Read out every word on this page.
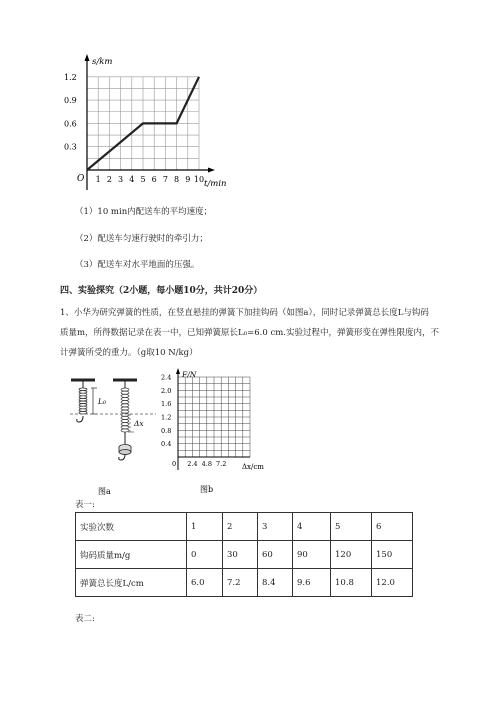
s/km
t/min
O
1.2
0.9
0.6
0.3
1 2 3 4 5 6 7 8 9 10
（1）10 min内配送车的平均速度；
（2）配送车匀速行驶时的牵引力；
（3）配送车对水平地面的压强。
四、实验探究（2小题，每小题10分，共计20分）
1、小华为研究弹簧的性质，在竖直悬挂的弹簧下加挂钩码（如图a），同时记录弹簧总长度L与钩码
质量m，所得数据记录在表一中，已知弹簧原长L₀=6.0 cm.实验过程中，弹簧形变在弹性限度内，不
计弹簧所受的重力。（g取10 N/kg）
L₀
Δx
图a
F/N
Δx/cm
2.4
2.0
1.6
1.2
0.8
0.4
2.4 4.8 7.2
0
图b
表一:
实验次数	1	2	3	4	5	6
钩码质量m/g	0	30	60	90	120	150
弹簧总长度L/cm	6.0	7.2	8.4	9.6	10.8	12.0
表二:
